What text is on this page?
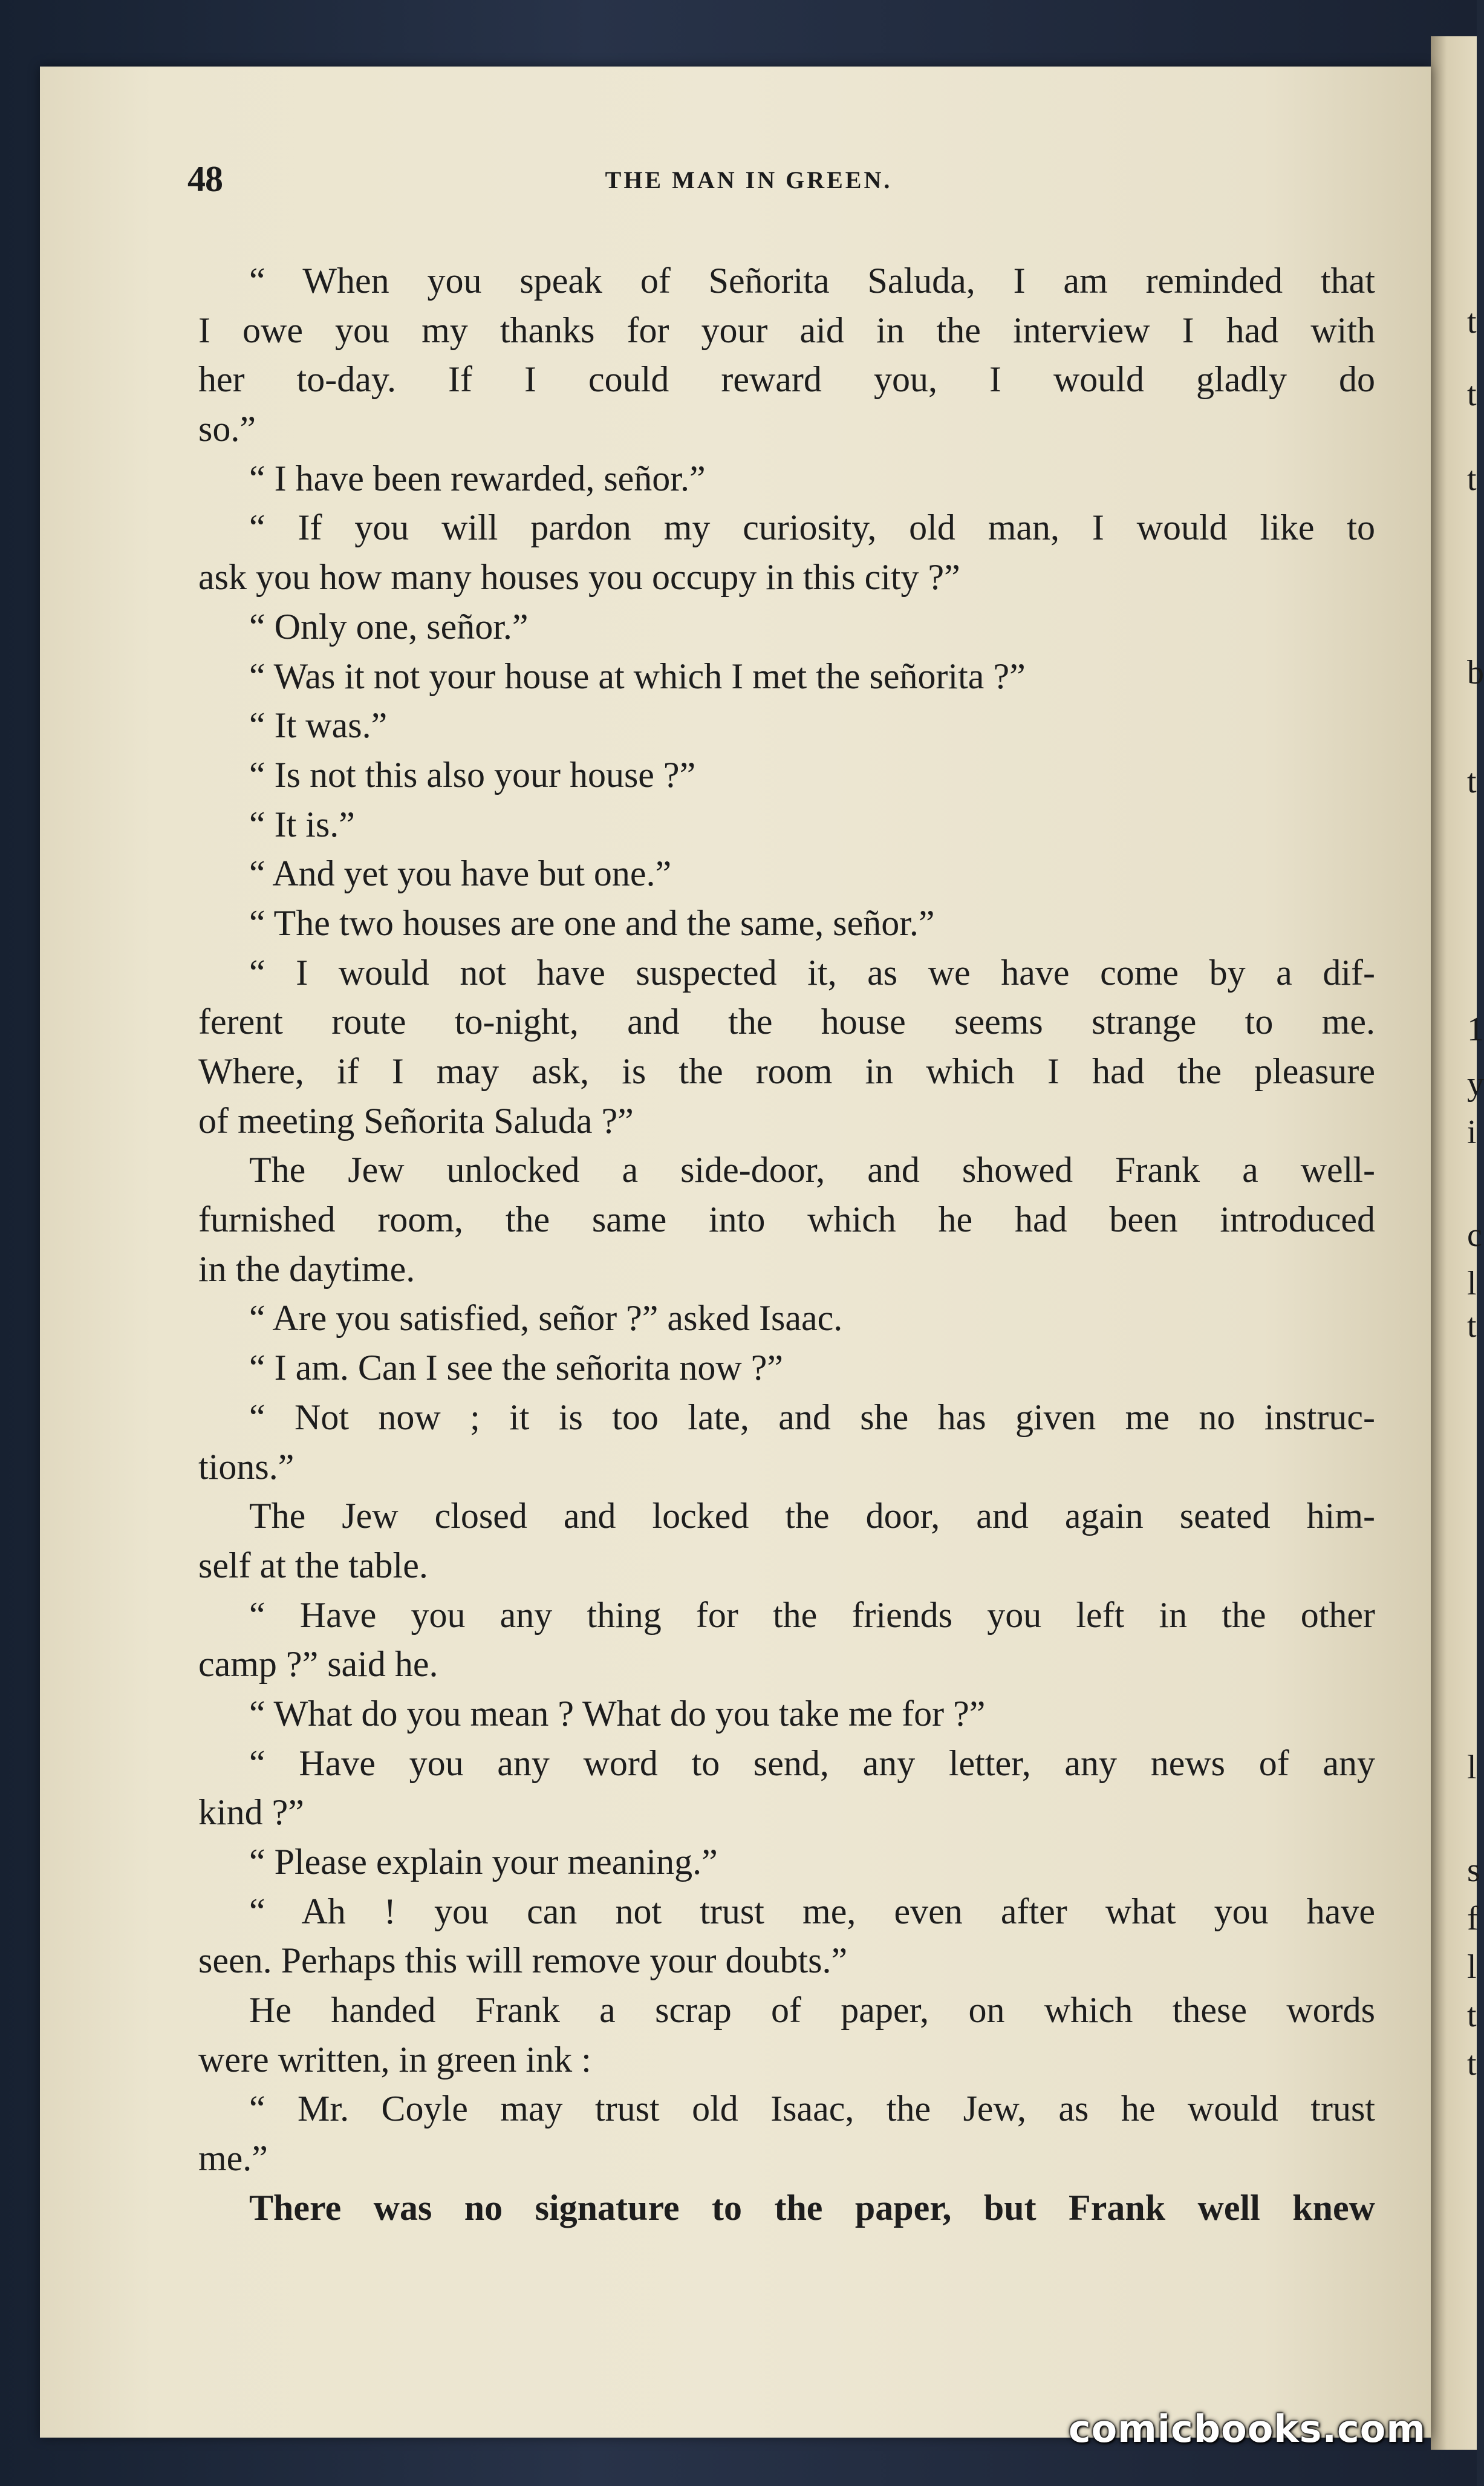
t
t
t
b
t
1
y
i
c
l
t
l
s
f
l
t
t
48	THE MAN IN GREEN.
“ When you speak of Señorita Saluda, I am reminded that
I owe you my thanks for your aid in the interview I had with
her to-day. If I could reward you, I would gladly do
so.”
“ I have been rewarded, señor.”
“ If you will pardon my curiosity, old man, I would like to
ask you how many houses you occupy in this city ?”
“ Only one, señor.”
“ Was it not your house at which I met the señorita ?”
“ It was.”
“ Is not this also your house ?”
“ It is.”
“ And yet you have but one.”
“ The two houses are one and the same, señor.”
“ I would not have suspected it, as we have come by a dif-
ferent route to-night, and the house seems strange to me.
Where, if I may ask, is the room in which I had the pleasure
of meeting Señorita Saluda ?”
The Jew unlocked a side-door, and showed Frank a well-
furnished room, the same into which he had been introduced
in the daytime.
“ Are you satisfied, señor ?” asked Isaac.
“ I am. Can I see the señorita now ?”
“ Not now ; it is too late, and she has given me no instruc-
tions.”
The Jew closed and locked the door, and again seated him-
self at the table.
“ Have you any thing for the friends you left in the other
camp ?” said he.
“ What do you mean ? What do you take me for ?”
“ Have you any word to send, any letter, any news of any
kind ?”
“ Please explain your meaning.”
“ Ah ! you can not trust me, even after what you have
seen. Perhaps this will remove your doubts.”
He handed Frank a scrap of paper, on which these words
were written, in green ink :
“ Mr. Coyle may trust old Isaac, the Jew, as he would trust
me.”
There was no signature to the paper, but Frank well knew
comicbooks.com
